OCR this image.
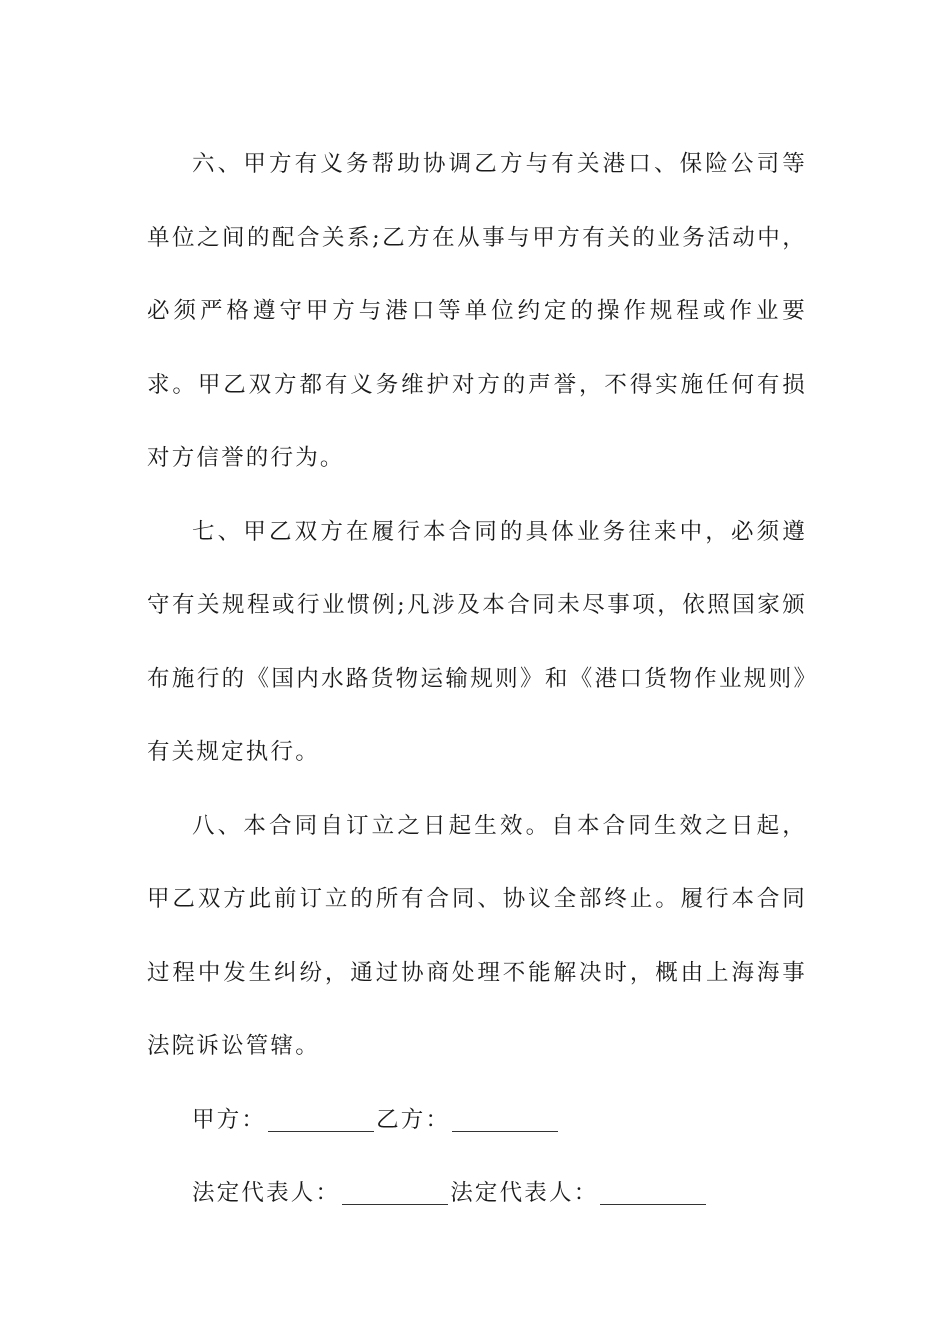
六、甲方有义务帮助协调乙方与有关港口、保险公司等单位之间的配合关系;乙方在从事与甲方有关的业务活动中，必须严格遵守甲方与港口等单位约定的操作规程或作业要求。甲乙双方都有义务维护对方的声誉，不得实施任何有损对方信誉的行为。

七、甲乙双方在履行本合同的具体业务往来中，必须遵守有关规程或行业惯例;凡涉及本合同未尽事项，依照国家颁布施行的《国内水路货物运输规则》和《港口货物作业规则》有关规定执行。

八、本合同自订立之日起生效。自本合同生效之日起，甲乙双方此前订立的所有合同、协议全部终止。履行本合同过程中发生纠纷，通过协商处理不能解决时，概由上海海事法院诉讼管辖。

甲方：	乙方：

法定代表人：	法定代表人：
